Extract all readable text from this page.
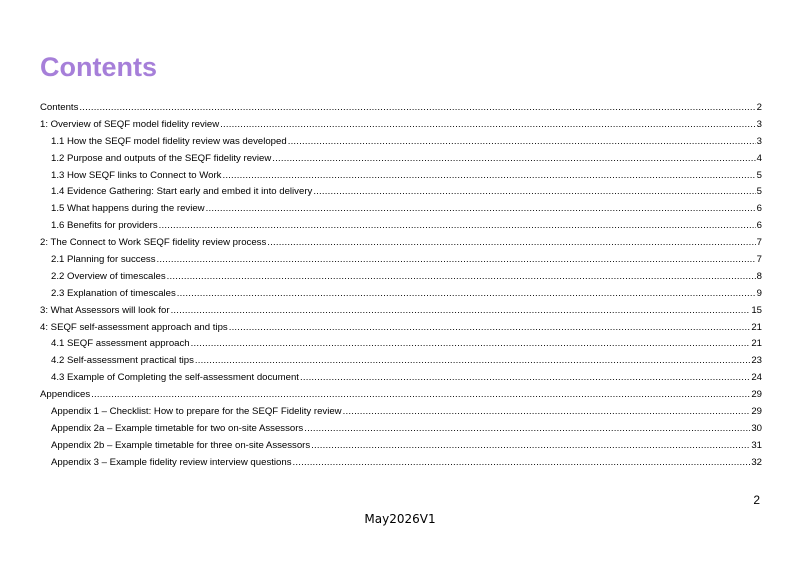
Contents
Contents .....	2
1: Overview of SEQF model fidelity review .....	3
1.1 How the SEQF model fidelity review was developed .....	3
1.2 Purpose and outputs of the SEQF fidelity review .....	4
1.3 How SEQF links to Connect to Work .....	5
1.4 Evidence Gathering: Start early and embed it into delivery .....	5
1.5 What happens during the review .....	6
1.6 Benefits for providers .....	6
2: The Connect to Work SEQF fidelity review process .....	7
2.1 Planning for success .....	7
2.2 Overview of timescales .....	8
2.3 Explanation of timescales .....	9
3: What Assessors will look for .....	15
4: SEQF self-assessment approach and tips .....	21
4.1 SEQF assessment approach .....	21
4.2 Self-assessment practical tips .....	23
4.3 Example of Completing the self-assessment document .....	24
Appendices .....	29
Appendix 1 – Checklist: How to prepare for the SEQF Fidelity review .....	29
Appendix 2a – Example timetable for two on-site Assessors .....	30
Appendix 2b – Example timetable for three on-site Assessors .....	31
Appendix 3 – Example fidelity review interview questions .....	32
2
May2026V1
